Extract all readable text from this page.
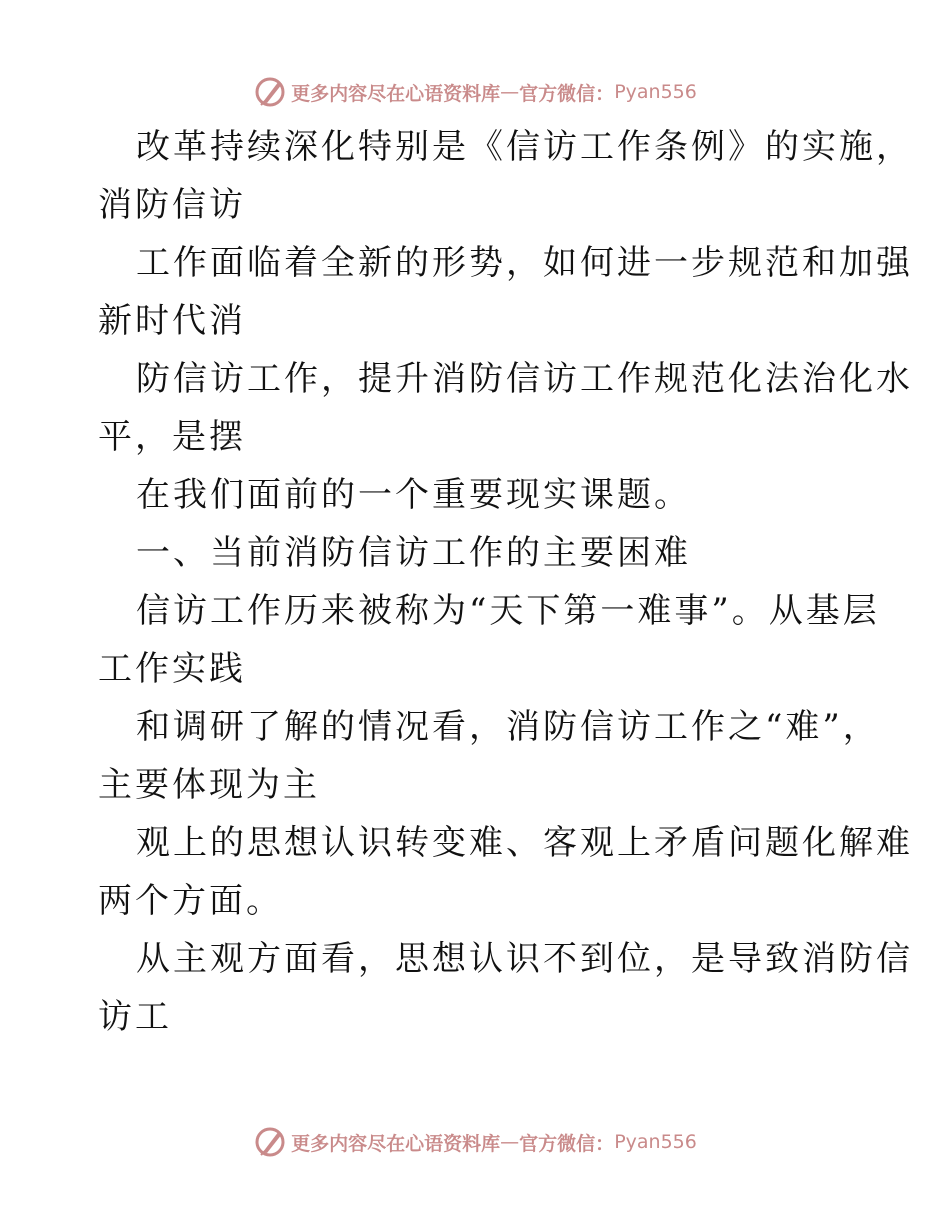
更多内容尽在心语资料库 — 官方微信： Pyan556
改革持续深化特别是《信访工作条例》的实施，
消防信访
工作面临着全新的形势，如何进一步规范和加强
新时代消
防信访工作，提升消防信访工作规范化法治化水
平，是摆
在我们面前的一个重要现实课题。
一、当前消防信访工作的主要困难
信访工作历来被称为“天下第一难事”。从基层
工作实践
和调研了解的情况看，消防信访工作之“难”，
主要体现为主
观上的思想认识转变难、客观上矛盾问题化解难
两个方面。
从主观方面看，思想认识不到位，是导致消防信
访工
更多内容尽在心语资料库 — 官方微信： Pyan556
